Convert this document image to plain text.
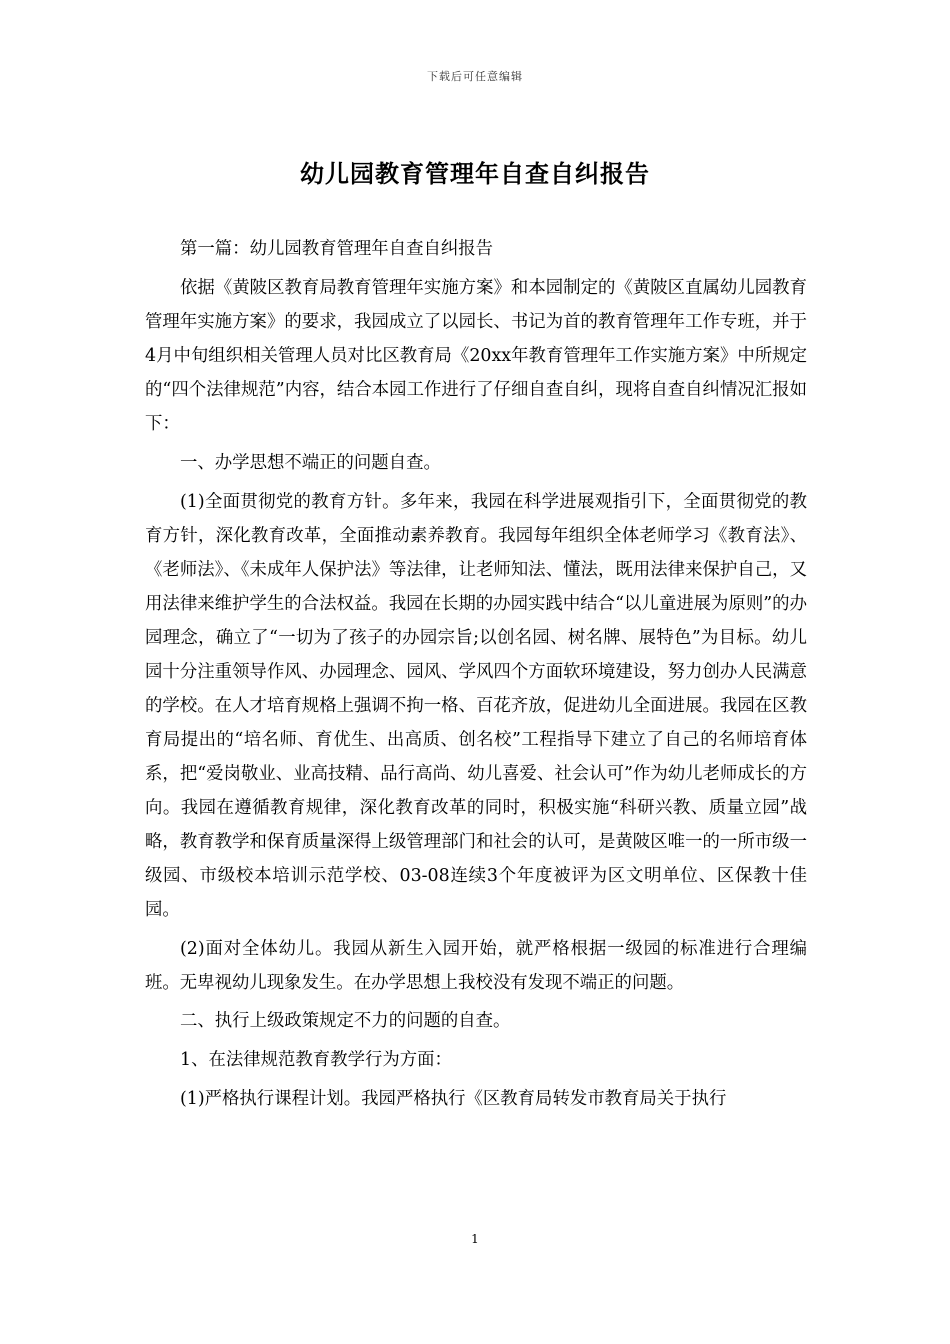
下载后可任意编辑
幼儿园教育管理年自查自纠报告

第一篇：幼儿园教育管理年自查自纠报告

依据《黄陂区教育局教育管理年实施方案》和本园制定的《黄陂区直属幼儿园教育管理年实施方案》的要求，我园成立了以园长、书记为首的教育管理年工作专班，并于4月中旬组织相关管理人员对比区教育局《20xx年教育管理年工作实施方案》中所规定的“四个法律规范”内容，结合本园工作进行了仔细自查自纠，现将自查自纠情况汇报如下：

一、办学思想不端正的问题自查。

(1)全面贯彻党的教育方针。多年来，我园在科学进展观指引下，全面贯彻党的教育方针，深化教育改革，全面推动素养教育。我园每年组织全体老师学习《教育法》、《老师法》、《未成年人保护法》等法律，让老师知法、懂法，既用法律来保护自己，又用法律来维护学生的合法权益。我园在长期的办园实践中结合“以儿童进展为原则”的办园理念，确立了“一切为了孩子的办园宗旨;以创名园、树名牌、展特色”为目标。幼儿园十分注重领导作风、办园理念、园风、学风四个方面软环境建设，努力创办人民满意的学校。在人才培育规格上强调不拘一格、百花齐放，促进幼儿全面进展。我园在区教育局提出的“培名师、育优生、出高质、创名校”工程指导下建立了自己的名师培育体系，把“爱岗敬业、业高技精、品行高尚、幼儿喜爱、社会认可”作为幼儿老师成长的方向。我园在遵循教育规律，深化教育改革的同时，积极实施“科研兴教、质量立园”战略，教育教学和保育质量深得上级管理部门和社会的认可，是黄陂区唯一的一所市级一级园、市级校本培训示范学校、03-08连续3个年度被评为区文明单位、区保教十佳园。

(2)面对全体幼儿。我园从新生入园开始，就严格根据一级园的标准进行合理编班。无卑视幼儿现象发生。在办学思想上我校没有发现不端正的问题。

二、执行上级政策规定不力的问题的自查。

1、在法律规范教育教学行为方面：

(1)严格执行课程计划。我园严格执行《区教育局转发市教育局关于执行

1
